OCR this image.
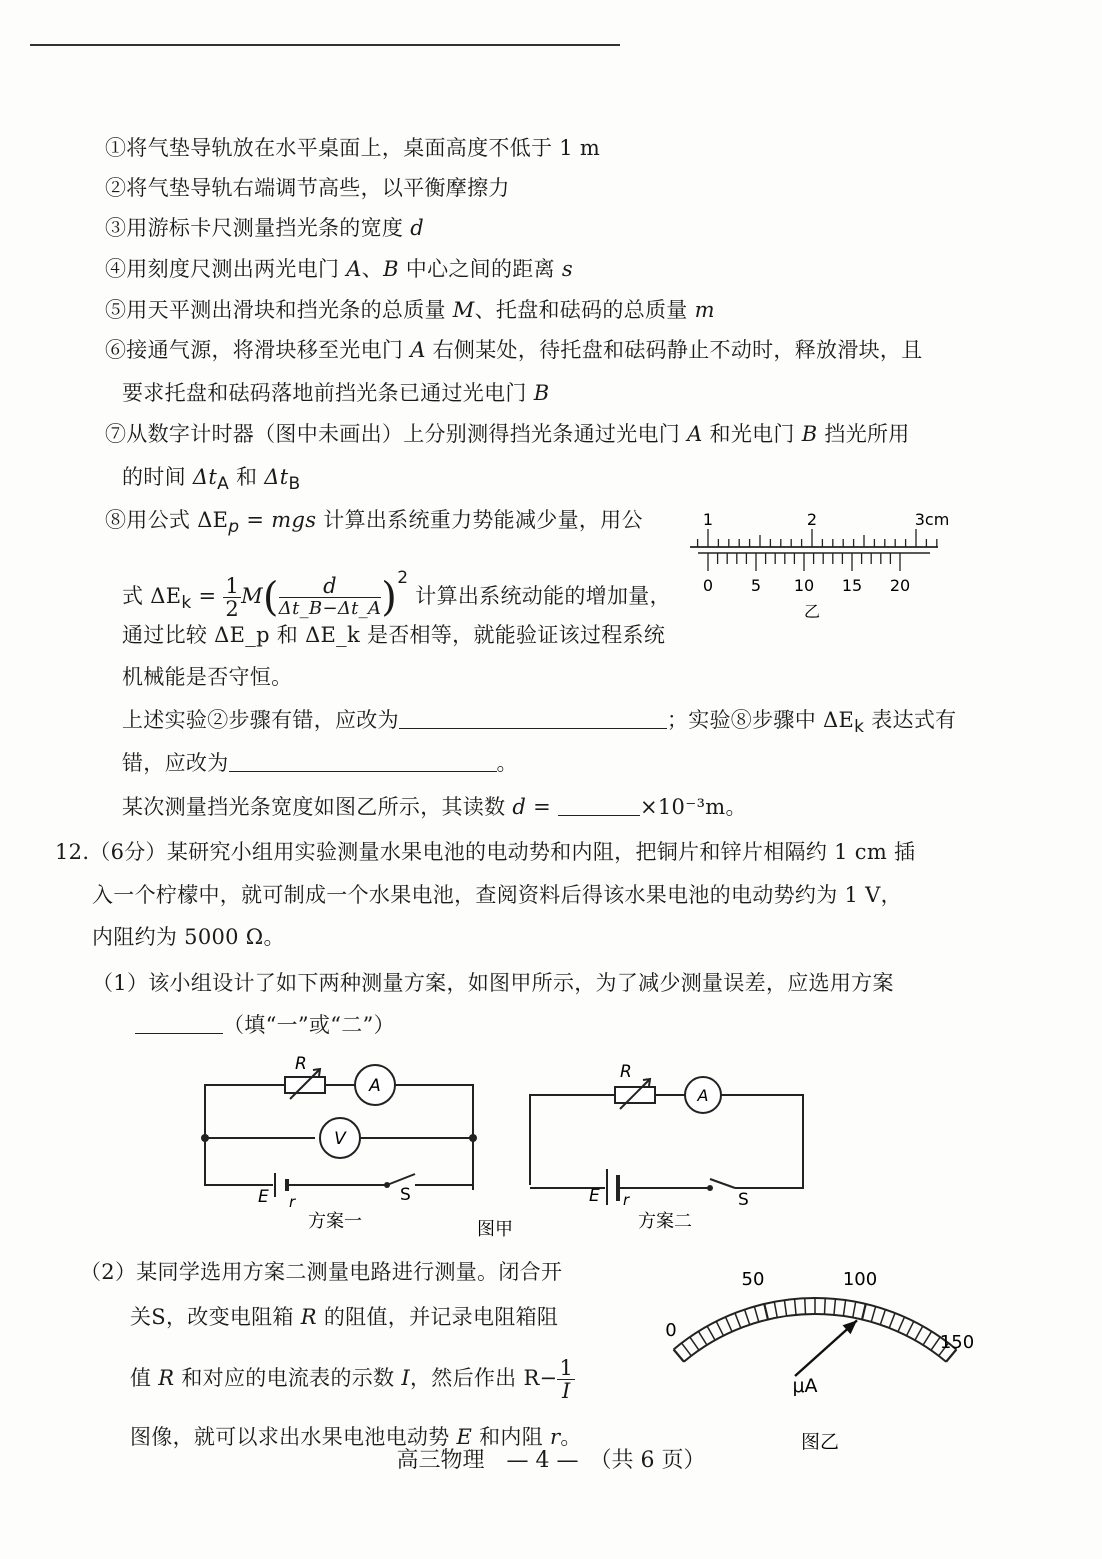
①将气垫导轨放在水平桌面上，桌面高度不低于 1 m
②将气垫导轨右端调节高些，以平衡摩擦力
③用游标卡尺测量挡光条的宽度 d
④用刻度尺测出两光电门 A、B 中心之间的距离 s
⑤用天平测出滑块和挡光条的总质量 M、托盘和砝码的总质量 m
⑥接通气源，将滑块移至光电门 A 右侧某处，待托盘和砝码静止不动时，释放滑块，且
要求托盘和砝码落地前挡光条已通过光电门 B
⑦从数字计时器（图中未画出）上分别测得挡光条通过光电门 A 和光电门 B 挡光所用
的时间 $\Delta t_A$ 和 $\Delta t_B$
⑧用公式 $\Delta E_p$ = mgs 计算出系统重力势能减少量，用公
式 $\Delta E_k = \frac{1}{2} M( \frac{d}{\Delta t\_B-\Delta t\_A} )^2$ 计算出系统动能的增加量，
通过比较 ΔE_p 和 ΔE_k 是否相等，就能验证该过程系统
机械能是否守恒。
1	2	3cm
0 5 10 15 20
乙
上述实验②步骤有错，应改为	；实验⑧步骤中 $\Delta E_k$ 表达式有
错，应改为	。
某次测量挡光条宽度如图乙所示，其读数 d =	×10⁻³m。
12.（6分）某研究小组用实验测量水果电池的电动势和内阻，把铜片和锌片相隔约 1 cm 插
入一个柠檬中，就可制成一个水果电池，查阅资料后得该水果电池的电动势约为 1 V，
内阻约为 5000 Ω。
（1）该小组设计了如下两种测量方案，如图甲所示，为了减少测量误差，应选用方案
（填“一”或“二”）
R
A
V
E r	S
方案一
R
A
E r	S
方案二
图甲
（2）某同学选用方案二测量电路进行测量。闭合开
关S，改变电阻箱 R 的阻值，并记录电阻箱阻
值 R 和对应的电流表的示数 I，然后作出 $R- \frac{1}{I}$
图像，就可以求出水果电池电动势 E 和内阻 r。
0
50	100
150
μA
图乙
高三物理　— 4 —　（共 6 页）
